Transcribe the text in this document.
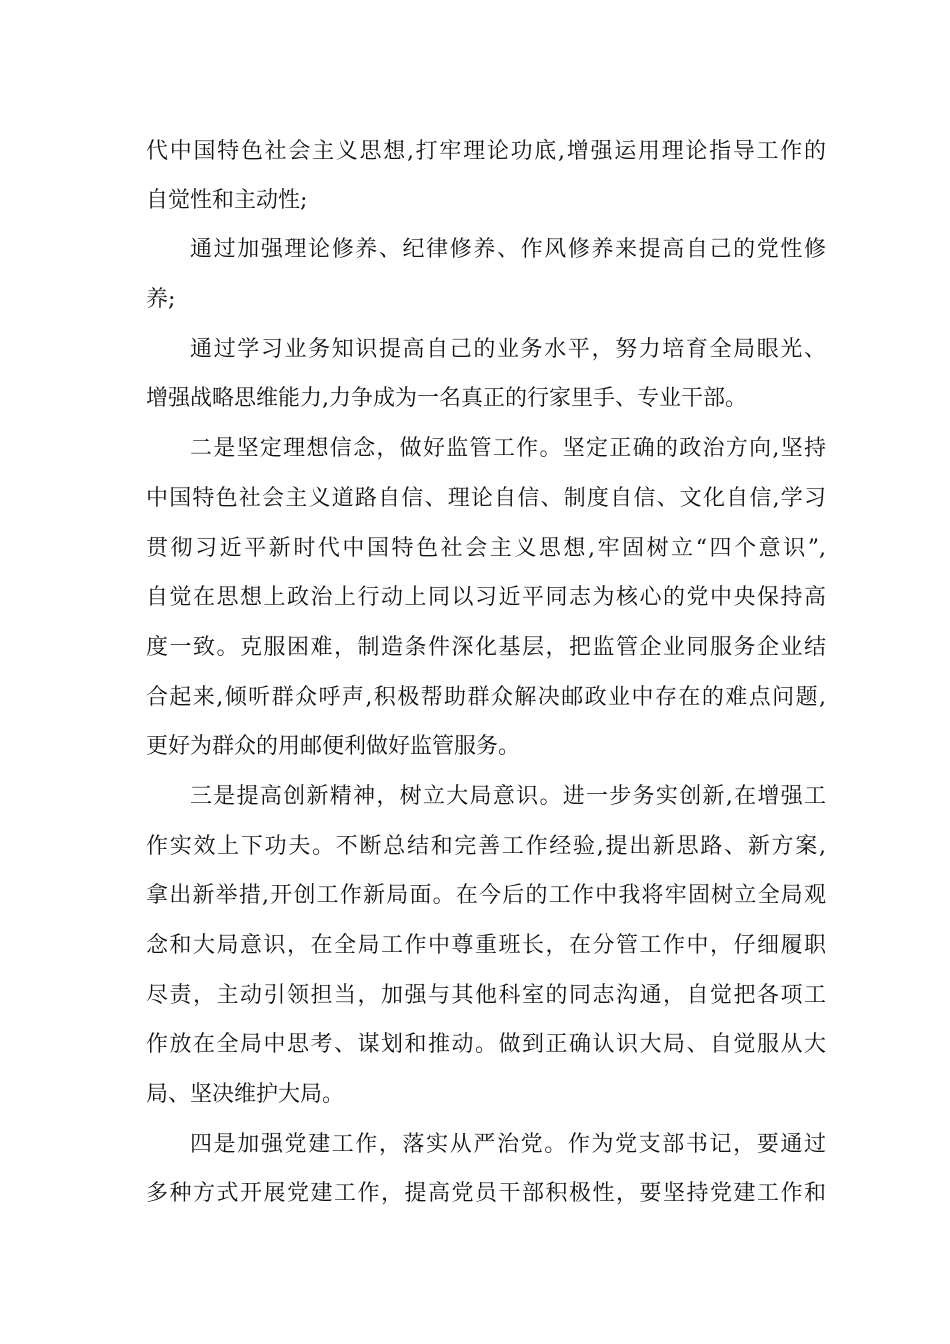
代中国特色社会主义思想,打牢理论功底,增强运用理论指导工作的
自觉性和主动性;
通过加强理论修养、纪律修养、作风修养来提高自己的党性修
养;
通过学习业务知识提高自己的业务水平，努力培育全局眼光、
增强战略思维能力,力争成为一名真正的行家里手、专业干部。
二是坚定理想信念，做好监管工作。坚定正确的政治方向,坚持
中国特色社会主义道路自信、理论自信、制度自信、文化自信,学习
贯彻习近平新时代中国特色社会主义思想,牢固树立“四个意识”,
自觉在思想上政治上行动上同以习近平同志为核心的党中央保持高
度一致。克服困难，制造条件深化基层，把监管企业同服务企业结
合起来,倾听群众呼声,积极帮助群众解决邮政业中存在的难点问题,
更好为群众的用邮便利做好监管服务。
三是提高创新精神，树立大局意识。进一步务实创新,在增强工
作实效上下功夫。不断总结和完善工作经验,提出新思路、新方案,
拿出新举措,开创工作新局面。在今后的工作中我将牢固树立全局观
念和大局意识，在全局工作中尊重班长，在分管工作中，仔细履职
尽责，主动引领担当，加强与其他科室的同志沟通，自觉把各项工
作放在全局中思考、谋划和推动。做到正确认识大局、自觉服从大
局、坚决维护大局。
四是加强党建工作，落实从严治党。作为党支部书记，要通过
多种方式开展党建工作，提高党员干部积极性，要坚持党建工作和
